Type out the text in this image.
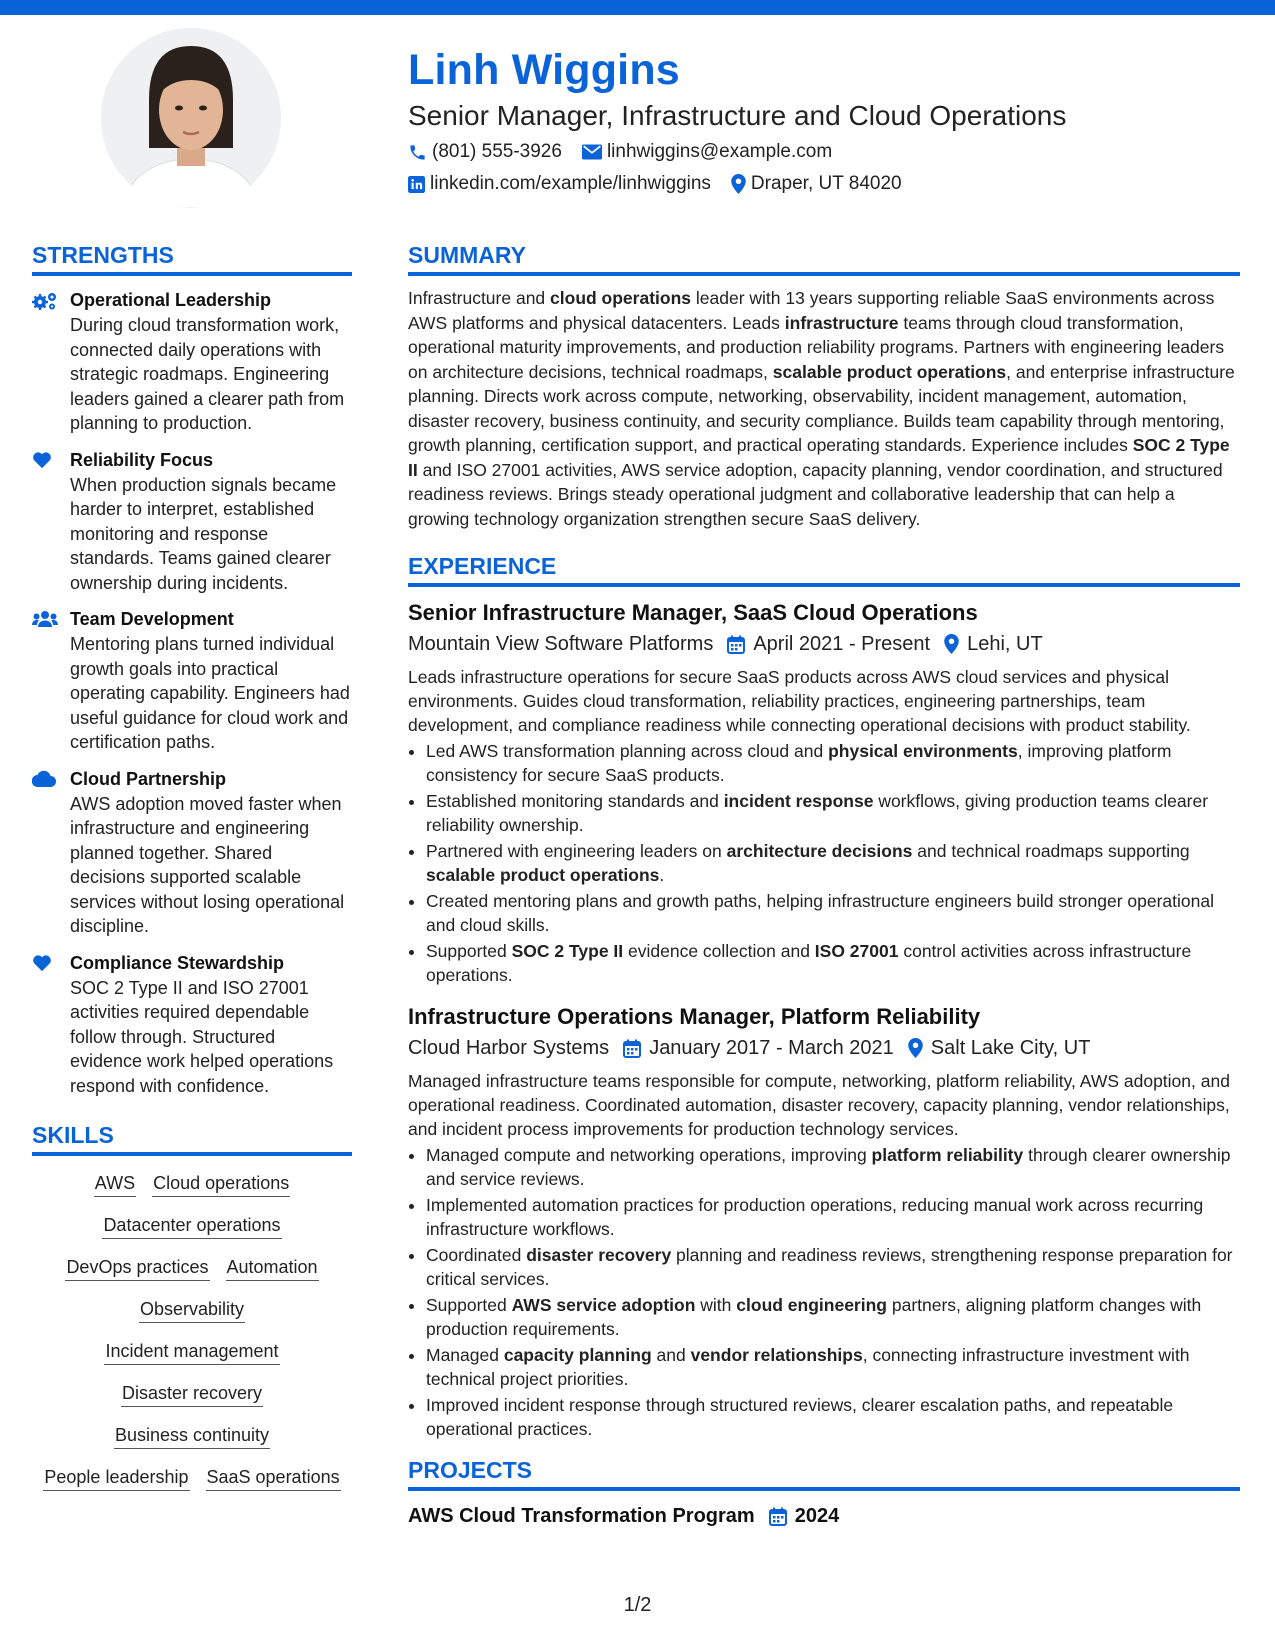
Linh Wiggins
Senior Manager, Infrastructure and Cloud Operations
(801) 555-3926 linhwiggins@example.com
linkedin.com/example/linhwiggins Draper, UT 84020
STRENGTHS
Operational Leadership
During cloud transformation work, connected daily operations with strategic roadmaps. Engineering leaders gained a clearer path from planning to production.
Reliability Focus
When production signals became harder to interpret, established monitoring and response standards. Teams gained clearer ownership during incidents.
Team Development
Mentoring plans turned individual growth goals into practical operating capability. Engineers had useful guidance for cloud work and certification paths.
Cloud Partnership
AWS adoption moved faster when infrastructure and engineering planned together. Shared decisions supported scalable services without losing operational discipline.
Compliance Stewardship
SOC 2 Type II and ISO 27001 activities required dependable follow through. Structured evidence work helped operations respond with confidence.
SKILLS
AWS Cloud operations
Datacenter operations
DevOps practices Automation
Observability
Incident management
Disaster recovery
Business continuity
People leadership SaaS operations
SUMMARY
Infrastructure and cloud operations leader with 13 years supporting reliable SaaS environments across AWS platforms and physical datacenters. Leads infrastructure teams through cloud transformation, operational maturity improvements, and production reliability programs. Partners with engineering leaders on architecture decisions, technical roadmaps, scalable product operations, and enterprise infrastructure planning. Directs work across compute, networking, observability, incident management, automation, disaster recovery, business continuity, and security compliance. Builds team capability through mentoring, growth planning, certification support, and practical operating standards. Experience includes SOC 2 Type II and ISO 27001 activities, AWS service adoption, capacity planning, vendor coordination, and structured readiness reviews. Brings steady operational judgment and collaborative leadership that can help a growing technology organization strengthen secure SaaS delivery.
EXPERIENCE
Senior Infrastructure Manager, SaaS Cloud Operations
Mountain View Software Platforms April 2021 - Present Lehi, UT
Leads infrastructure operations for secure SaaS products across AWS cloud services and physical environments. Guides cloud transformation, reliability practices, engineering partnerships, team development, and compliance readiness while connecting operational decisions with product stability.
• Led AWS transformation planning across cloud and physical environments, improving platform consistency for secure SaaS products.
• Established monitoring standards and incident response workflows, giving production teams clearer reliability ownership.
• Partnered with engineering leaders on architecture decisions and technical roadmaps supporting scalable product operations.
• Created mentoring plans and growth paths, helping infrastructure engineers build stronger operational and cloud skills.
• Supported SOC 2 Type II evidence collection and ISO 27001 control activities across infrastructure operations.
Infrastructure Operations Manager, Platform Reliability
Cloud Harbor Systems January 2017 - March 2021 Salt Lake City, UT
Managed infrastructure teams responsible for compute, networking, platform reliability, AWS adoption, and operational readiness. Coordinated automation, disaster recovery, capacity planning, vendor relationships, and incident process improvements for production technology services.
• Managed compute and networking operations, improving platform reliability through clearer ownership and service reviews.
• Implemented automation practices for production operations, reducing manual work across recurring infrastructure workflows.
• Coordinated disaster recovery planning and readiness reviews, strengthening response preparation for critical services.
• Supported AWS service adoption with cloud engineering partners, aligning platform changes with production requirements.
• Managed capacity planning and vendor relationships, connecting infrastructure investment with technical project priorities.
• Improved incident response through structured reviews, clearer escalation paths, and repeatable operational practices.
PROJECTS
AWS Cloud Transformation Program 2024
1/2
